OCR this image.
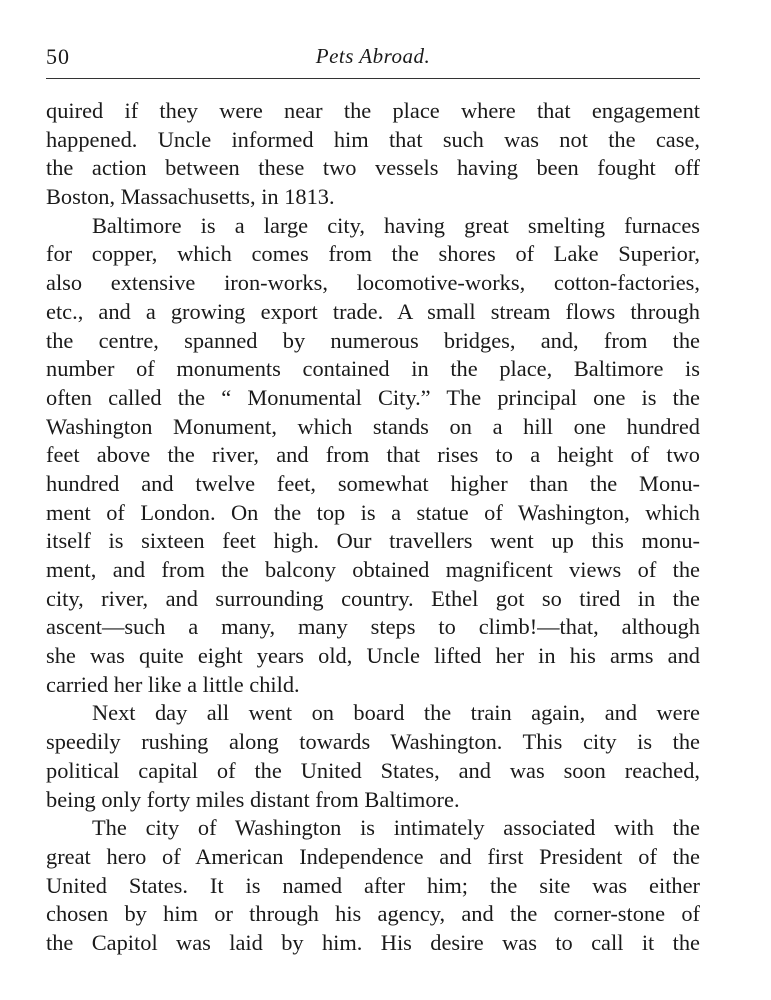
50	Pets Abroad.
quired if they were near the place where that engagement
happened. Uncle informed him that such was not the case,
the action between these two vessels having been fought off
Boston, Massachusetts, in 1813.
Baltimore is a large city, having great smelting furnaces
for copper, which comes from the shores of Lake Superior,
also extensive iron-works, locomotive-works, cotton-factories,
etc., and a growing export trade. A small stream flows through
the centre, spanned by numerous bridges, and, from the
number of monuments contained in the place, Baltimore is
often called the “ Monumental City.” The principal one is the
Washington Monument, which stands on a hill one hundred
feet above the river, and from that rises to a height of two
hundred and twelve feet, somewhat higher than the Monu-
ment of London. On the top is a statue of Washington, which
itself is sixteen feet high. Our travellers went up this monu-
ment, and from the balcony obtained magnificent views of the
city, river, and surrounding country. Ethel got so tired in the
ascent—such a many, many steps to climb!—that, although
she was quite eight years old, Uncle lifted her in his arms and
carried her like a little child.
Next day all went on board the train again, and were
speedily rushing along towards Washington. This city is the
political capital of the United States, and was soon reached,
being only forty miles distant from Baltimore.
The city of Washington is intimately associated with the
great hero of American Independence and first President of the
United States. It is named after him; the site was either
chosen by him or through his agency, and the corner-stone of
the Capitol was laid by him. His desire was to call it the
